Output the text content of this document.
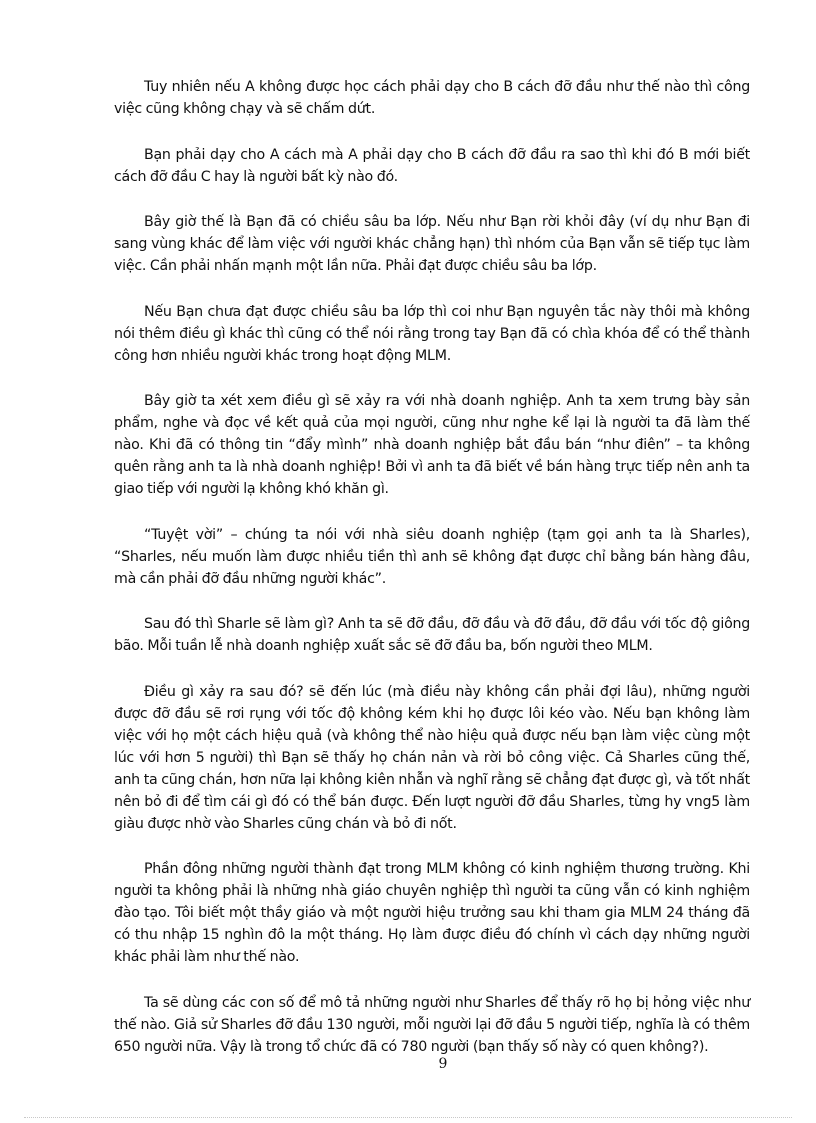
Tuy nhiên nếu A không được học cách phải dạy cho B cách đỡ đầu như thế nào thì công việc cũng không chạy và sẽ chấm dứt.

Bạn phải dạy cho A cách mà A phải dạy cho B cách đỡ đầu ra sao thì khi đó B mới biết cách đỡ đầu C hay là người bất kỳ nào đó.

Bây giờ thế là Bạn đã có chiều sâu ba lớp. Nếu như Bạn rời khỏi đây (ví dụ như Bạn đi sang vùng khác để làm việc với người khác chẳng hạn) thì nhóm của Bạn vẫn sẽ tiếp tục làm việc. Cần phải nhấn mạnh một lần nữa. Phải đạt được chiều sâu ba lớp.

Nếu Bạn chưa đạt được chiều sâu ba lớp thì coi như Bạn nguyên tắc này thôi mà không nói thêm điều gì khác thì cũng có thể nói rằng trong tay Bạn đã có chìa khóa để có thể thành công hơn nhiều người khác trong hoạt động MLM.

Bây giờ ta xét xem điều gì sẽ xảy ra với nhà doanh nghiệp. Anh ta xem trưng bày sản phẩm, nghe và đọc về kết quả của mọi người, cũng như nghe kể lại là người ta đã làm thế nào. Khi đã có thông tin “đẩy mình” nhà doanh nghiệp bắt đầu bán “như điên” – ta không quên rằng anh ta là nhà doanh nghiệp! Bởi vì anh ta đã biết về bán hàng trực tiếp nên anh ta giao tiếp với người lạ không khó khăn gì.

“Tuyệt vời” – chúng ta nói với nhà siêu doanh nghiệp (tạm gọi anh ta là Sharles), “Sharles, nếu muốn làm được nhiều tiền thì anh sẽ không đạt được chỉ bằng bán hàng đâu, mà cần phải đỡ đầu những người khác”.

Sau đó thì Sharle sẽ làm gì? Anh ta sẽ đỡ đầu, đỡ đầu và đỡ đầu, đỡ đầu với tốc độ giông bão. Mỗi tuần lễ nhà doanh nghiệp xuất sắc sẽ đỡ đầu ba, bốn người theo MLM.

Điều gì xảy ra sau đó? sẽ đến lúc (mà điều này không cần phải đợi lâu), những người được đỡ đầu sẽ rơi rụng với tốc độ không kém khi họ được lôi kéo vào. Nếu bạn không làm việc với họ một cách hiệu quả (và không thể nào hiệu quả được nếu bạn làm việc cùng một lúc với hơn 5 người) thì Bạn sẽ thấy họ chán nản và rời bỏ công việc. Cả Sharles cũng thế, anh ta cũng chán, hơn nữa lại không kiên nhẫn và nghĩ rằng sẽ chẳng đạt được gì, và tốt nhất nên bỏ đi để tìm cái gì đó có thể bán được. Đến lượt người đỡ đầu Sharles, từng hy vng5 làm giàu được nhờ vào Sharles cũng chán và bỏ đi nốt.

Phần đông những người thành đạt trong MLM không có kinh nghiệm thương trường. Khi người ta không phải là những nhà giáo chuyên nghiệp thì người ta cũng vẫn có kinh nghiệm đào tạo. Tôi biết một thầy giáo và một người hiệu trưởng sau khi tham gia MLM 24 tháng đã có thu nhập 15 nghìn đô la một tháng. Họ làm được điều đó chính vì cách dạy những người khác phải làm như thế nào.

Ta sẽ dùng các con số để mô tả những người như Sharles để thấy rõ họ bị hỏng việc như thế nào. Giả sử Sharles đỡ đầu 130 người, mỗi người lại đỡ đầu 5 người tiếp, nghĩa là có thêm 650 người nữa. Vậy là trong tổ chức đã có 780 người (bạn thấy số này có quen không?).

9
